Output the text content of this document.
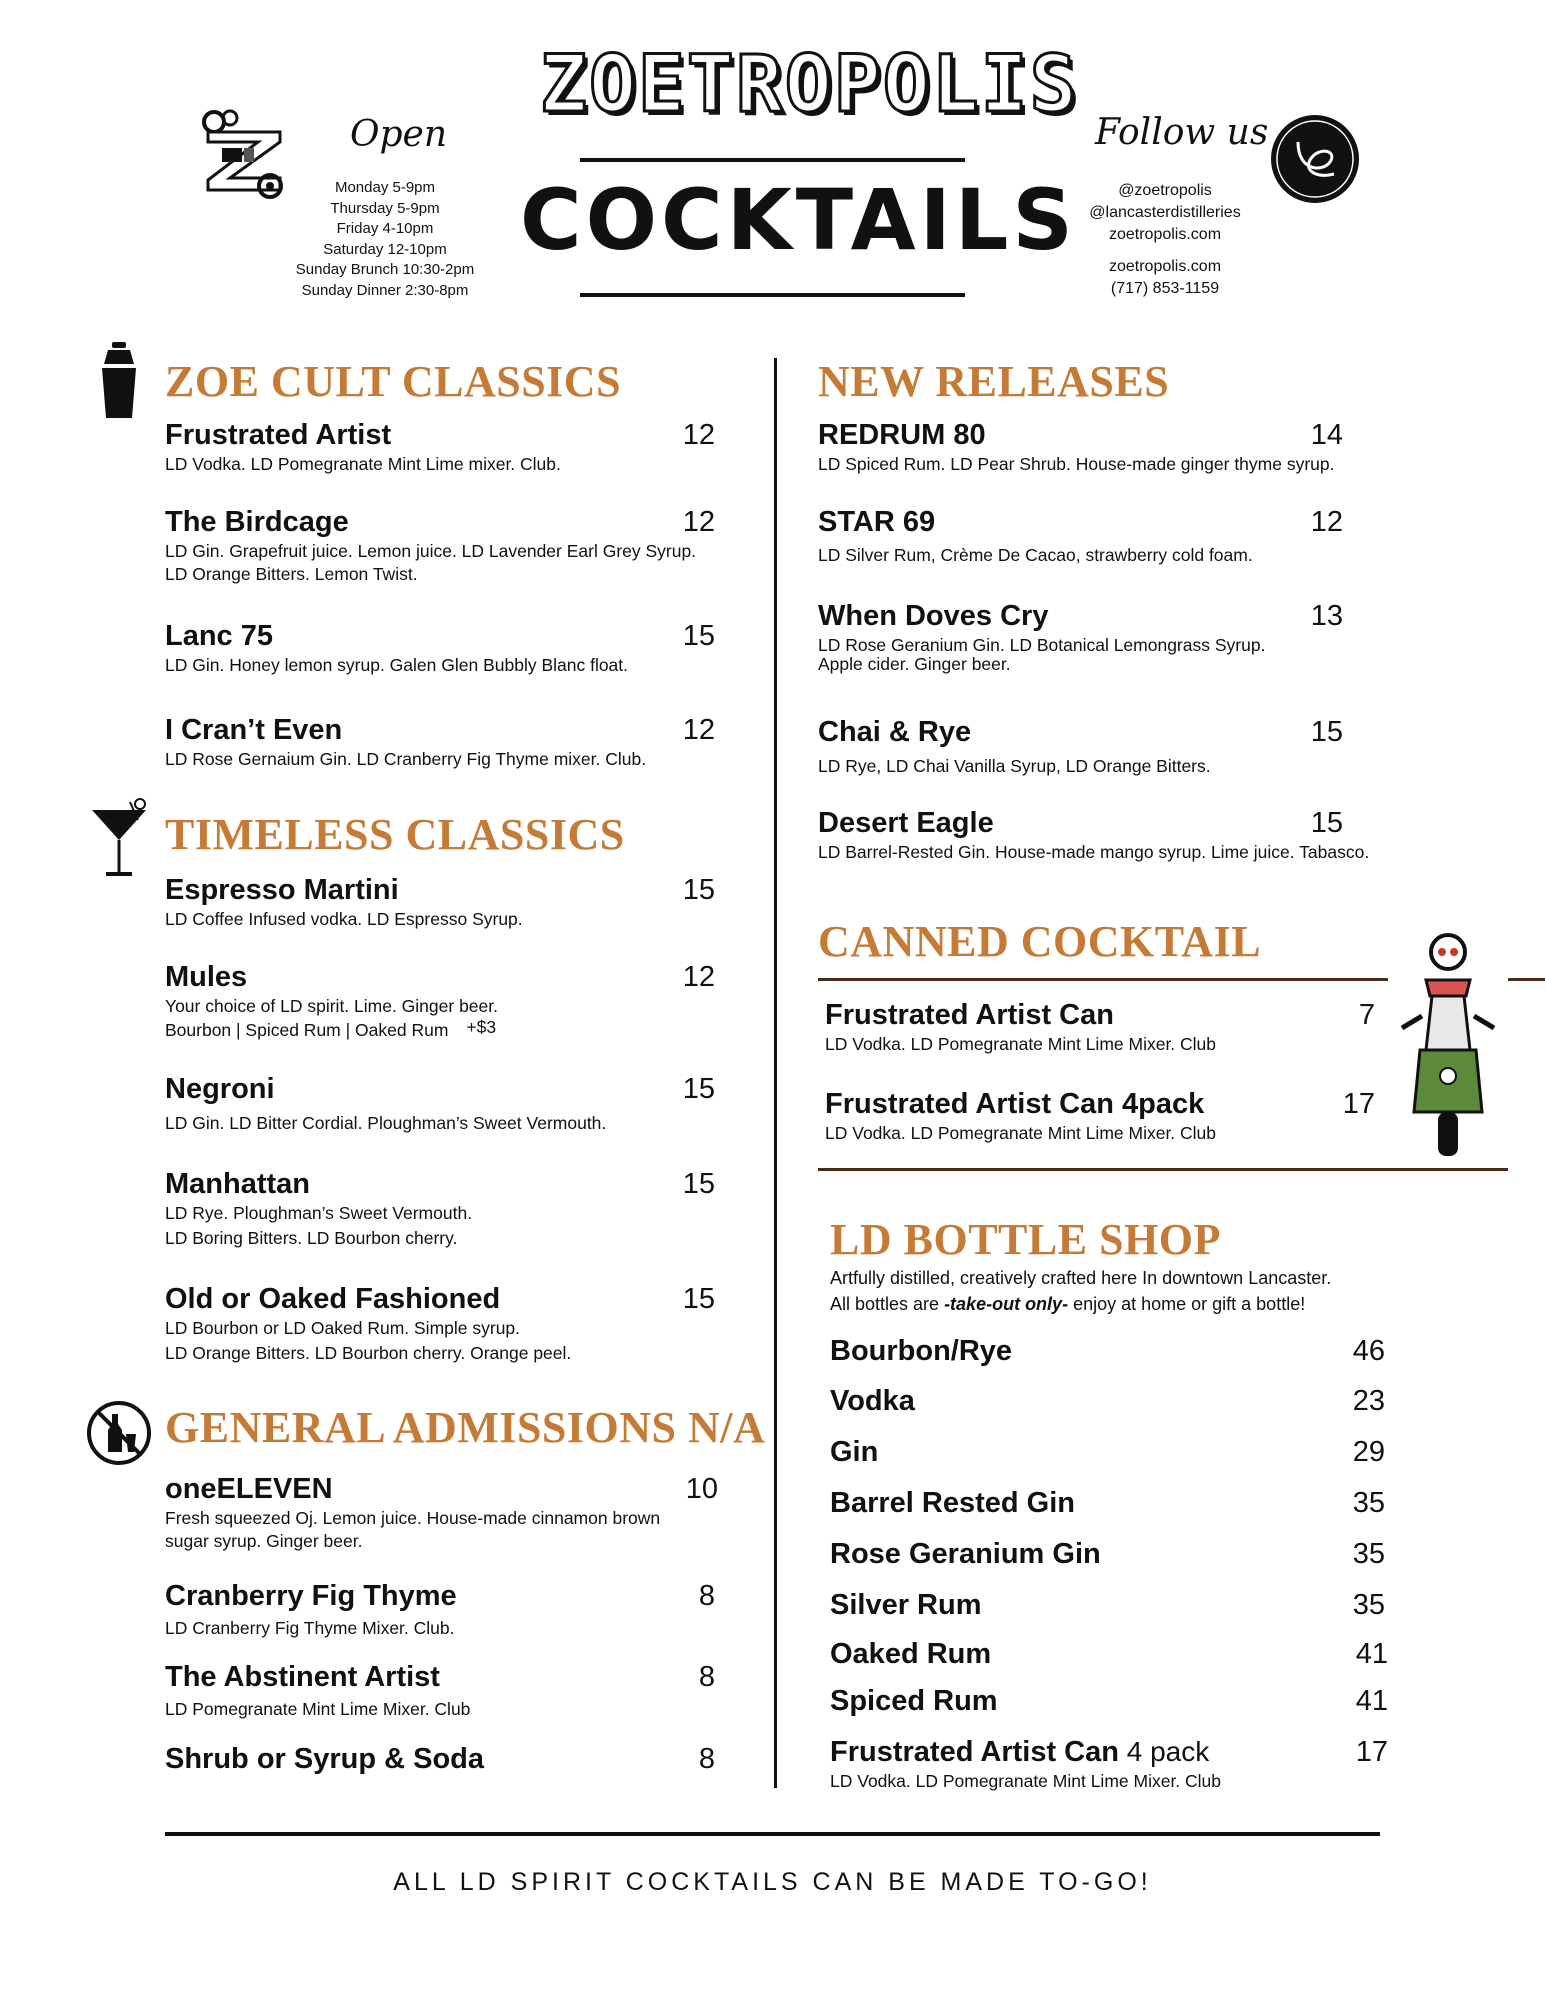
Open
Monday 5-9pm
Thursday 5-9pm
Friday 4-10pm
Saturday 12-10pm
Sunday Brunch 10:30-2pm
Sunday Dinner 2:30-8pm
ZOETROPOLIS
COCKTAILS
Follow us
@zoetropolis
@lancasterdistilleries
zoetropolis.com
zoetropolis.com
(717) 853-1159
ZOE CULT CLASSICS
Frustrated Artist	12
LD Vodka. LD Pomegranate Mint Lime mixer. Club.
The Birdcage	12
LD Gin. Grapefruit juice. Lemon juice. LD Lavender Earl Grey Syrup. LD Orange Bitters. Lemon Twist.
Lanc 75	15
LD Gin. Honey lemon syrup. Galen Glen Bubbly Blanc float.
I Cran’t Even	12
LD Rose Gernaium Gin. LD Cranberry Fig Thyme mixer. Club.
TIMELESS CLASSICS
Espresso Martini	15
LD Coffee Infused vodka. LD Espresso Syrup.
Mules	12
Your choice of LD spirit. Lime. Ginger beer.
Bourbon | Spiced Rum | Oaked Rum +$3
Negroni	15
LD Gin. LD Bitter Cordial. Ploughman’s Sweet Vermouth.
Manhattan	15
LD Rye. Ploughman’s Sweet Vermouth.
LD Boring Bitters. LD Bourbon cherry.
Old or Oaked Fashioned	15
LD Bourbon or LD Oaked Rum. Simple syrup.
LD Orange Bitters. LD Bourbon cherry. Orange peel.
GENERAL ADMISSIONS N/A
oneELEVEN	10
Fresh squeezed Oj. Lemon juice. House-made cinnamon brown sugar syrup. Ginger beer.
Cranberry Fig Thyme	8
LD Cranberry Fig Thyme Mixer. Club.
The Abstinent Artist	8
LD Pomegranate Mint Lime Mixer. Club
Shrub or Syrup & Soda	8
NEW RELEASES
REDRUM 80	14
LD Spiced Rum. LD Pear Shrub. House-made ginger thyme syrup.
STAR 69	12
LD Silver Rum, Crème De Cacao, strawberry cold foam.
When Doves Cry	13
LD Rose Geranium Gin. LD Botanical Lemongrass Syrup.
Apple cider. Ginger beer.
Chai & Rye	15
LD Rye, LD Chai Vanilla Syrup, LD Orange Bitters.
Desert Eagle	15
LD Barrel-Rested Gin. House-made mango syrup. Lime juice. Tabasco.
CANNED COCKTAIL
Frustrated Artist Can	7
LD Vodka. LD Pomegranate Mint Lime Mixer. Club
Frustrated Artist Can 4pack	17
LD Vodka. LD Pomegranate Mint Lime Mixer. Club
LD BOTTLE SHOP
Artfully distilled, creatively crafted here In downtown Lancaster.
All bottles are -take-out only- enjoy at home or gift a bottle!
Bourbon/Rye	46
Vodka	23
Gin	29
Barrel Rested Gin	35
Rose Geranium Gin	35
Silver Rum	35
Oaked Rum	41
Spiced Rum	41
Frustrated Artist Can 4 pack	17
LD Vodka. LD Pomegranate Mint Lime Mixer. Club
ALL LD SPIRIT COCKTAILS CAN BE MADE TO-GO!
